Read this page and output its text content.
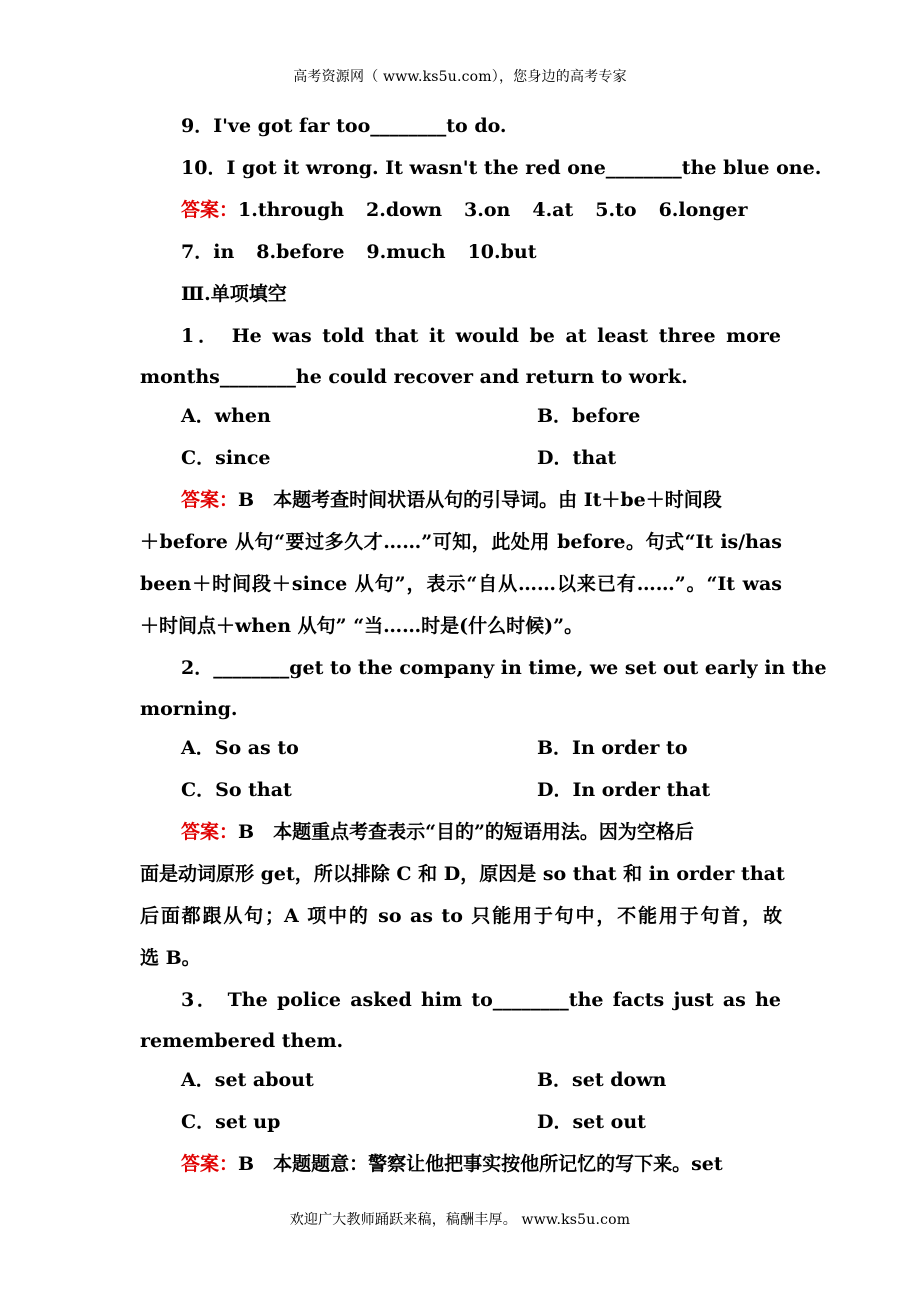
高考资源网（ www.ks5u.com），您身边的高考专家
9．I've got far too________to do.
10．I got it wrong. It wasn't the red one________the blue one.
答案：1.through 2.down 3.on 4.at 5.to 6.longer
7．in 8.before 9.much 10.but
Ⅲ.单项填空
1． He was told that it would be at least three more
months________he could recover and return to work.
A．when	B．before
C．since	D．that
答案：B　本题考查时间状语从句的引导词。由 It＋be＋时间段
＋before 从句“要过多久才……”可知，此处用 before。句式“It is/has
been＋时间段＋since 从句”，表示“自从……以来已有……”。“It was
＋时间点＋when 从句” “当……时是(什么时候)”。
2．________get to the company in time, we set out early in the
morning.
A．So as to	B．In order to
C．So that	D．In order that
答案：B　本题重点考查表示“目的”的短语用法。因为空格后
面是动词原形 get，所以排除 C 和 D，原因是 so that 和 in order that
后面都跟从句；A 项中的 so as to 只能用于句中，不能用于句首，故
选 B。
3． The police asked him to________the facts just as he
remembered them.
A．set about	B．set down
C．set up	D．set out
答案：B　本题题意：警察让他把事实按他所记忆的写下来。set
欢迎广大教师踊跃来稿，稿酬丰厚。 www.ks5u.com
